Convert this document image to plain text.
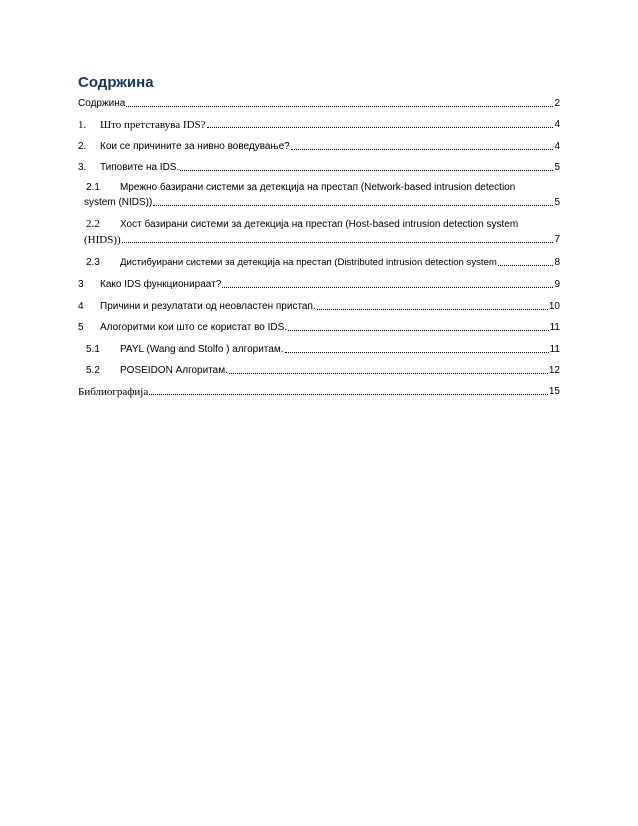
Содржина
Содржина	2
1.	Што претставува IDS?	4
2.	Кои се причините за нивно воведување?	4
3.	Типовите на IDS.	5
2.1 Мрежно базирани системи за детекција на престап (Network-based intrusion detection
system (NIDS))	5
2.2 Хост базирани системи за детекција на престап (Host-based intrusion detection system
(HIDS))	7
2.3	Дистибуирани системи за детекција на престап (Distributed intrusion detection system	8
3	Како IDS функционираат?	9
4	Причини и резулатати од неовластен пристап.	10
5	Алогоритми кои што се користат во IDS.	11
5.1	PAYL (Wang and Stolfo ) алгоритам.	11
5.2	POSEIDON Алгоритам.	12
Библиографија	15
